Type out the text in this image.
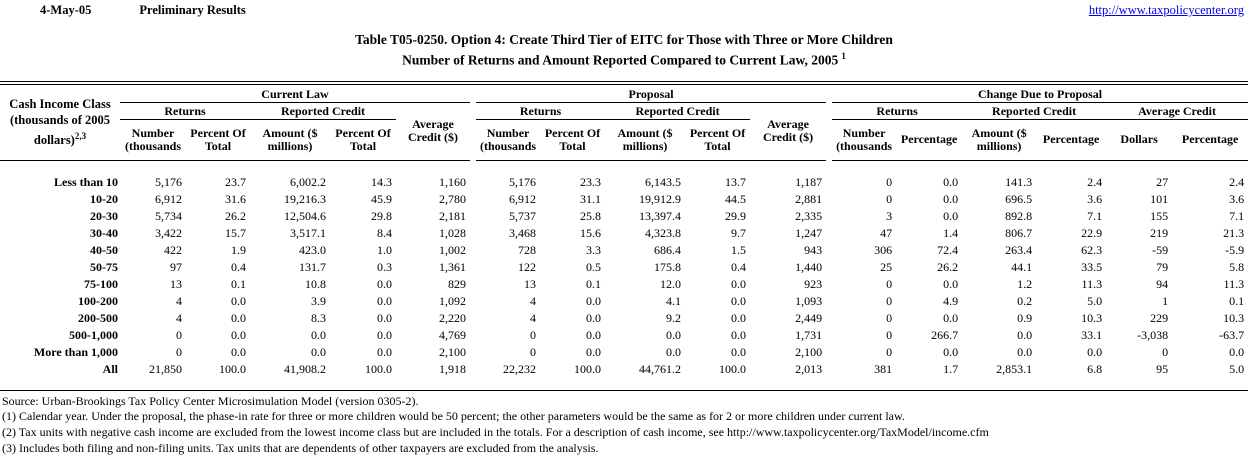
4-May-05	Preliminary Results	http://www.taxpolicycenter.org
Table T05-0250. Option 4: Create Third Tier of EITC for Those with Three or More Children
Number of Returns and Amount Reported Compared to Current Law, 2005 $^1$
Cash Income Class
(thousands of 2005
dollars)$^{2,3}$	Current Law						Proposal						Change Due to Proposal					
	Returns		Reported Credit		Average Credit ($)		Returns		Reported Credit		Average Credit ($)		Returns		Reported Credit		Average Credit	
	Number (thousands	Percent Of Total	Amount ($ millions)	Percent Of Total			Number (thousands	Percent Of Total	Amount ($ millions)	Percent Of Total			Number (thousands	Percentage	Amount ($ millions)	Percentage	Dollars	Percentage
Less than 10	5,176	23.7	6,002.2	14.3	1,160		5,176	23.3	6,143.5	13.7	1,187		0	0.0	141.3	2.4	27	2.4
10-20	6,912	31.6	19,216.3	45.9	2,780		6,912	31.1	19,912.9	44.5	2,881		0	0.0	696.5	3.6	101	3.6
20-30	5,734	26.2	12,504.6	29.8	2,181		5,737	25.8	13,397.4	29.9	2,335		3	0.0	892.8	7.1	155	7.1
30-40	3,422	15.7	3,517.1	8.4	1,028		3,468	15.6	4,323.8	9.7	1,247		47	1.4	806.7	22.9	219	21.3
40-50	422	1.9	423.0	1.0	1,002		728	3.3	686.4	1.5	943		306	72.4	263.4	62.3	-59	-5.9
50-75	97	0.4	131.7	0.3	1,361		122	0.5	175.8	0.4	1,440		25	26.2	44.1	33.5	79	5.8
75-100	13	0.1	10.8	0.0	829		13	0.1	12.0	0.0	923		0	0.0	1.2	11.3	94	11.3
100-200	4	0.0	3.9	0.0	1,092		4	0.0	4.1	0.0	1,093		0	4.9	0.2	5.0	1	0.1
200-500	4	0.0	8.3	0.0	2,220		4	0.0	9.2	0.0	2,449		0	0.0	0.9	10.3	229	10.3
500-1,000	0	0.0	0.0	0.0	4,769		0	0.0	0.0	0.0	1,731		0	266.7	0.0	33.1	-3,038	-63.7
More than 1,000	0	0.0	0.0	0.0	2,100		0	0.0	0.0	0.0	2,100		0	0.0	0.0	0.0	0	0.0
All	21,850	100.0	41,908.2	100.0	1,918		22,232	100.0	44,761.2	100.0	2,013		381	1.7	2,853.1	6.8	95	5.0
Source: Urban-Brookings Tax Policy Center Microsimulation Model (version 0305-2).
(1) Calendar year. Under the proposal, the phase-in rate for three or more children would be 50 percent; the other parameters would be the same as for 2 or more children under current law.
(2) Tax units with negative cash income are excluded from the lowest income class but are included in the totals. For a description of cash income, see http://www.taxpolicycenter.org/TaxModel/income.cfm
(3) Includes both filing and non-filing units. Tax units that are dependents of other taxpayers are excluded from the analysis.
